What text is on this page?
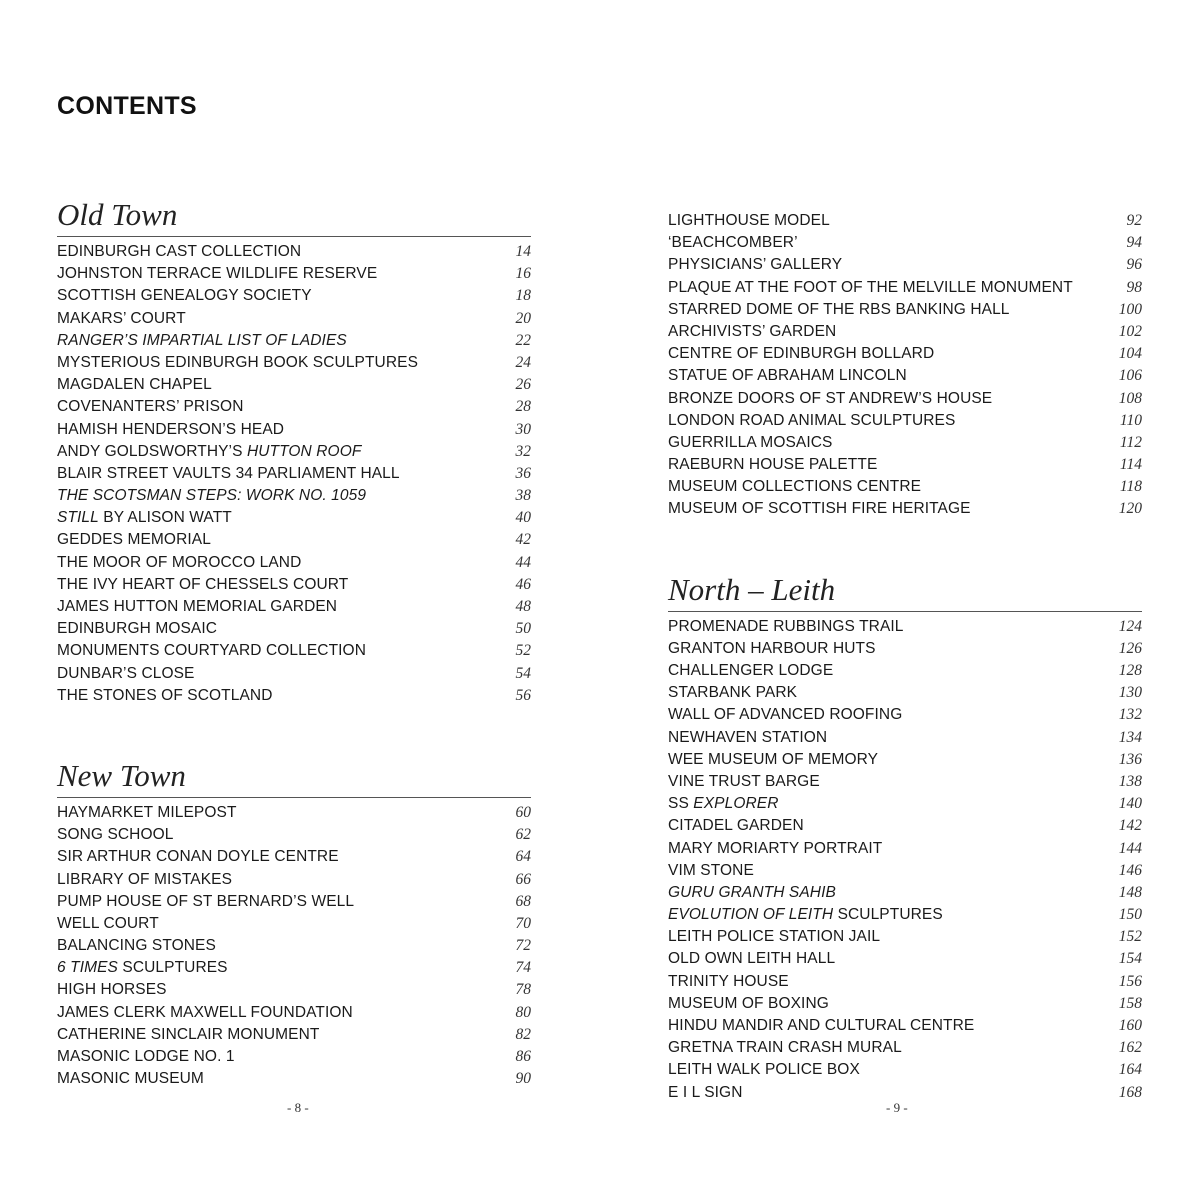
CONTENTS
Old Town
EDINBURGH CAST COLLECTION	14
JOHNSTON TERRACE WILDLIFE RESERVE	16
SCOTTISH GENEALOGY SOCIETY	18
MAKARS’ COURT	20
RANGER’S IMPARTIAL LIST OF LADIES	22
MYSTERIOUS EDINBURGH BOOK SCULPTURES	24
MAGDALEN CHAPEL	26
COVENANTERS’ PRISON	28
HAMISH HENDERSON’S HEAD	30
ANDY GOLDSWORTHY’S HUTTON ROOF	32
BLAIR STREET VAULTS 34 PARLIAMENT HALL	36
THE SCOTSMAN STEPS: WORK NO. 1059	38
STILL BY ALISON WATT	40
GEDDES MEMORIAL	42
THE MOOR OF MOROCCO LAND	44
THE IVY HEART OF CHESSELS COURT	46
JAMES HUTTON MEMORIAL GARDEN	48
EDINBURGH MOSAIC	50
MONUMENTS COURTYARD COLLECTION	52
DUNBAR’S CLOSE	54
THE STONES OF SCOTLAND	56
New Town
HAYMARKET MILEPOST	60
SONG SCHOOL	62
SIR ARTHUR CONAN DOYLE CENTRE	64
LIBRARY OF MISTAKES	66
PUMP HOUSE OF ST BERNARD’S WELL	68
WELL COURT	70
BALANCING STONES	72
6 TIMES SCULPTURES	74
HIGH HORSES	78
JAMES CLERK MAXWELL FOUNDATION	80
CATHERINE SINCLAIR MONUMENT	82
MASONIC LODGE NO. 1	86
MASONIC MUSEUM	90
LIGHTHOUSE MODEL	92
‘BEACHCOMBER’	94
PHYSICIANS’ GALLERY	96
PLAQUE AT THE FOOT OF THE MELVILLE MONUMENT	98
STARRED DOME OF THE RBS BANKING HALL	100
ARCHIVISTS’ GARDEN	102
CENTRE OF EDINBURGH BOLLARD	104
STATUE OF ABRAHAM LINCOLN	106
BRONZE DOORS OF ST ANDREW’S HOUSE	108
LONDON ROAD ANIMAL SCULPTURES	110
GUERRILLA MOSAICS	112
RAEBURN HOUSE PALETTE	114
MUSEUM COLLECTIONS CENTRE	118
MUSEUM OF SCOTTISH FIRE HERITAGE	120
North – Leith
PROMENADE RUBBINGS TRAIL	124
GRANTON HARBOUR HUTS	126
CHALLENGER LODGE	128
STARBANK PARK	130
WALL OF ADVANCED ROOFING	132
NEWHAVEN STATION	134
WEE MUSEUM OF MEMORY	136
VINE TRUST BARGE	138
SS EXPLORER	140
CITADEL GARDEN	142
MARY MORIARTY PORTRAIT	144
VIM STONE	146
GURU GRANTH SAHIB	148
EVOLUTION OF LEITH SCULPTURES	150
LEITH POLICE STATION JAIL	152
OLD OWN LEITH HALL	154
TRINITY HOUSE	156
MUSEUM OF BOXING	158
HINDU MANDIR AND CULTURAL CENTRE	160
GRETNA TRAIN CRASH MURAL	162
LEITH WALK POLICE BOX	164
E I L SIGN	168
- 8 -	- 9 -
